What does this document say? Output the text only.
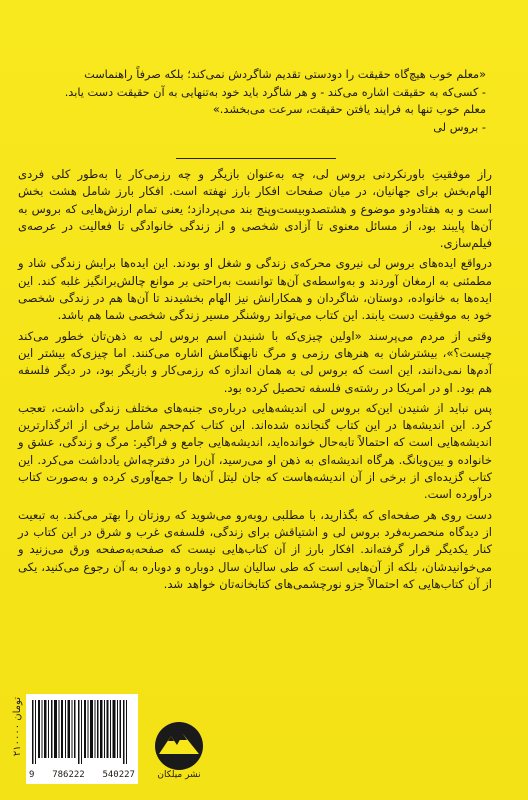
«معلم خوب هیچ‌گاه حقیقت را دودستی تقدیم شاگردش نمی‌کند؛ بلکه صرفاً راهنماست

- کسی‌که به حقیقت اشاره می‌کند - و هر شاگرد باید خود به‌تنهایی به آن حقیقت دست یابد.

معلم خوب تنها به فرایند یافتن حقیقت، سرعت می‌بخشد.»

- بروس لی

راز موفقیتِ باورنکردنی بروس لی، چه به‌عنوان بازیگر و چه رزمی‌کار یا به‌طور کلی فردی الهام‌بخش برای جهانیان، در میان صفحات افکار بارز نهفته است. افکار بارز شامل هشت بخش است و به هفتادودو موضوع و هشتصدوبیست‌وپنج بند می‌پردازد؛ یعنی تمام ارزش‌هایی که بروس به آن‌ها پایبند بود، از مسائل معنوی تا آزادی شخصی و از زندگی خانوادگی تا فعالیت در عرصه‌ی فیلم‌سازی.

درواقع ایده‌های بروس لی نیروی محرکه‌ی زندگی و شغل او بودند. این ایده‌ها برایش زندگی شاد و مطمئنی به ارمغان آوردند و به‌واسطه‌ی آن‌ها توانست به‌راحتی بر موانع چالش‌برانگیز غلبه کند. این ایده‌ها به خانواده، دوستان، شاگردان و همکارانش نیز الهام بخشیدند تا آن‌ها هم در زندگی شخصی خود به موفقیت دست یابند. این کتاب می‌تواند روشنگر مسیر زندگی شخصی شما هم باشد.

وقتی از مردم می‌پرسند «اولین چیزی‌که با شنیدن اسم بروس لی به ذهن‌تان خطور می‌کند چیست؟»، بیشترشان به هنرهای رزمی و مرگ نابهنگامش اشاره می‌کنند. اما چیزی‌که بیشتر این آدم‌ها نمی‌دانند، این است که بروس لی به همان اندازه که رزمی‌کار و بازیگر بود، در دیگر فلسفه هم بود. او در امریکا در رشته‌ی فلسفه تحصیل کرده بود.

پس نباید از شنیدن این‌که بروس لی اندیشه‌هایی درباره‌ی جنبه‌های مختلف زندگی داشت، تعجب کرد. این اندیشه‌ها در این کتاب گنجانده شده‌اند. این کتاب کم‌حجم شامل برخی از اثرگذارترین اندیشه‌هایی است که احتمالاً تابه‌حال خوانده‌اید، اندیشه‌هایی جامع و فراگیر: مرگ و زندگی، عشق و خانواده و یین‌ویانگ. هرگاه اندیشه‌ای به ذهن او می‌رسید، آن‌را در دفترچه‌اش یادداشت می‌کرد. این کتاب گزیده‌ای از برخی از آن اندیشه‌هاست که جان لیتل آن‌ها را جمع‌آوری کرده و به‌صورت کتاب درآورده است.

دست روی هر صفحه‌ای که بگذارید، با مطلبی روبه‌رو می‌شوید که روزتان را بهتر می‌کند. به تبعیت از دیدگاه منحصربه‌فرد بروس لی و اشتیاقش برای زندگی، فلسفه‌ی غرب و شرق در این کتاب در کنار یکدیگر قرار گرفته‌اند. افکار بارز از آن کتاب‌هایی نیست که صفحه‌به‌صفحه ورق می‌زنید و می‌خوانیدشان، بلکه از آن‌هایی است که طی سالیان سال دوباره و دوباره به آن رجوع می‌کنید، یکی از آن کتاب‌هایی که احتمالاً جزو نورچشمی‌های کتابخانه‌تان خواهد شد.

۲۱۰۰۰۰ تومان
9 786222 540227	نشر میلکان
